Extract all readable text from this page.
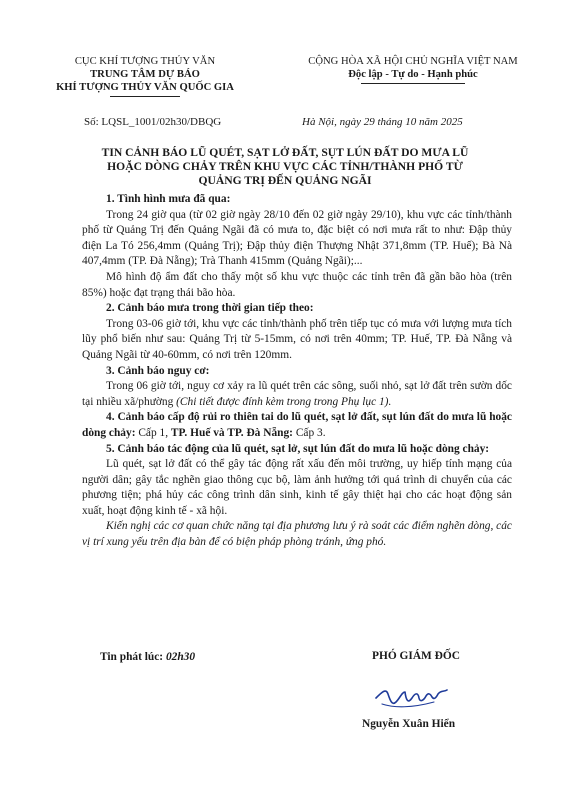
CỤC KHÍ TƯỢNG THỦY VĂN
TRUNG TÂM DỰ BÁO
KHÍ TƯỢNG THỦY VĂN QUỐC GIA
CỘNG HÒA XÃ HỘI CHỦ NGHĨA VIỆT NAM
Độc lập - Tự do - Hạnh phúc
Số: LQSL_1001/02h30/DBQG	Hà Nội, ngày 29 tháng 10 năm 2025
TIN CẢNH BÁO LŨ QUÉT, SẠT LỞ ĐẤT, SỤT LÚN ĐẤT DO MƯA LŨ
HOẶC DÒNG CHẢY TRÊN KHU VỰC CÁC TỈNH/THÀNH PHỐ TỪ
QUẢNG TRỊ ĐẾN QUẢNG NGÃI

1. Tình hình mưa đã qua:

Trong 24 giờ qua (từ 02 giờ ngày 28/10 đến 02 giờ ngày 29/10), khu vực các tỉnh/thành phố từ Quảng Trị đến Quảng Ngãi đã có mưa to, đặc biệt có nơi mưa rất to như: Đập thủy điện La Tó 256,4mm (Quảng Trị); Đập thủy điện Thượng Nhật 371,8mm (TP. Huế); Bà Nà 407,4mm (TP. Đà Nẵng); Trà Thanh 415mm (Quảng Ngãi);...

Mô hình độ ẩm đất cho thấy một số khu vực thuộc các tỉnh trên đã gần bão hòa (trên 85%) hoặc đạt trạng thái bão hòa.

2. Cảnh báo mưa trong thời gian tiếp theo:

Trong 03-06 giờ tới, khu vực các tỉnh/thành phố trên tiếp tục có mưa với lượng mưa tích lũy phổ biến như sau: Quảng Trị từ 5-15mm, có nơi trên 40mm; TP. Huế, TP. Đà Nẵng và Quảng Ngãi từ 40-60mm, có nơi trên 120mm.

3. Cảnh báo nguy cơ:

Trong 06 giờ tới, nguy cơ xảy ra lũ quét trên các sông, suối nhỏ, sạt lở đất trên sườn dốc tại nhiều xã/phường (Chi tiết được đính kèm trong trong Phụ lục 1).

4. Cảnh báo cấp độ rủi ro thiên tai do lũ quét, sạt lở đất, sụt lún đất do mưa lũ hoặc dòng chảy: Cấp 1, TP. Huế và TP. Đà Nẵng: Cấp 3.

5. Cảnh báo tác động của lũ quét, sạt lở, sụt lún đất do mưa lũ hoặc dòng chảy:

Lũ quét, sạt lở đất có thể gây tác động rất xấu đến môi trường, uy hiếp tính mạng của người dân; gây tắc nghẽn giao thông cục bộ, làm ảnh hưởng tới quá trình di chuyển của các phương tiện; phá hủy các công trình dân sinh, kinh tế gây thiệt hại cho các hoạt động sản xuất, hoạt động kinh tế - xã hội.

Kiến nghị các cơ quan chức năng tại địa phương lưu ý rà soát các điểm nghẽn dòng, các vị trí xung yếu trên địa bàn để có biện pháp phòng tránh, ứng phó.

Tin phát lúc: 02h30	PHÓ GIÁM ĐỐC
Nguyễn Xuân Hiển
